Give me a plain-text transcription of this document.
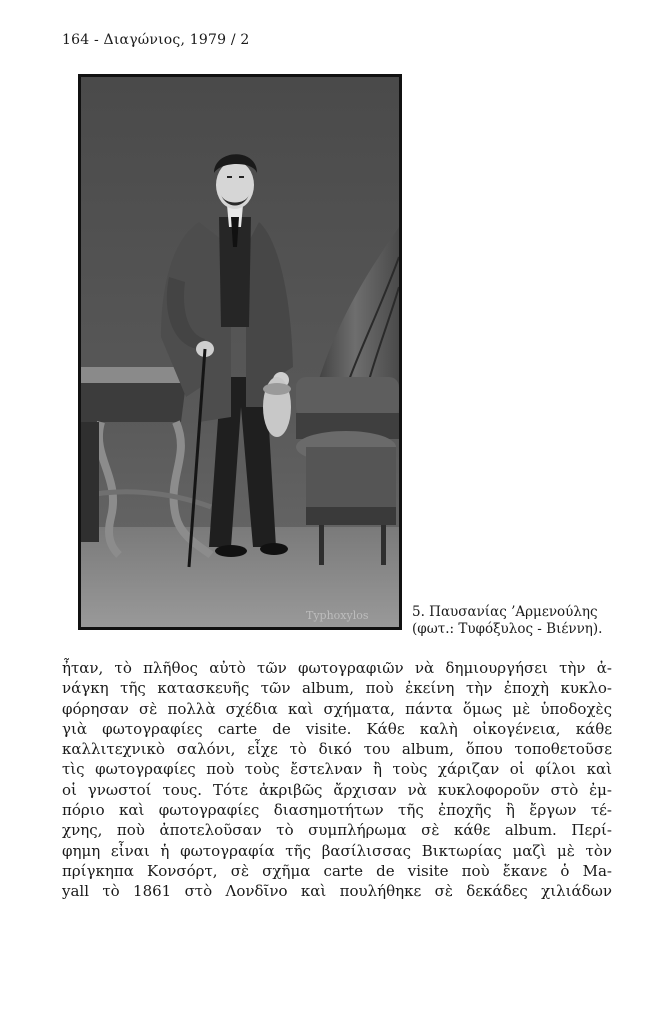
164 - Διαγώνιος, 1979 / 2
Typhoxylos	5. Παυσανίας ’Αρμενούλης
(φωτ.: Τυφόξυλος - Βιέννη).
ἦταν, τὸ πλῆθος αὐτὸ τῶν φωτογραφιῶν νὰ δημιουργήσει τὴν ἀ-
νάγκη τῆς κατασκευῆς τῶν album, ποὺ ἐκείνη τὴν ἐποχὴ κυκλο-
φόρησαν σὲ πολλὰ σχέδια καὶ σχήματα, πάντα ὅμως μὲ ὑποδοχὲς
γιὰ φωτογραφίες carte de visite. Κάθε καλὴ οἰκογένεια, κάθε
καλλιτεχνικὸ σαλόνι, εἶχε τὸ δικό του album, ὅπου τοποθετοῦσε
τὶς φωτογραφίες ποὺ τοὺς ἔστελναν ἢ τοὺς χάριζαν οἱ φίλοι καὶ
οἱ γνωστοί τους. Τότε ἀκριβῶς ἄρχισαν νὰ κυκλοφοροῦν στὸ ἐμ-
πόριο καὶ φωτογραφίες διασημοτήτων τῆς ἐποχῆς ἢ ἔργων τέ-
χνης, ποὺ ἀποτελοῦσαν τὸ συμπλήρωμα σὲ κάθε album. Περί-
φημη εἶναι ἡ φωτογραφία τῆς βασίλισσας Βικτωρίας μαζὶ μὲ τὸν
πρίγκηπα Κονσόρτ, σὲ σχῆμα carte de visite ποὺ ἔκανε ὁ Ma-
yall τὸ 1861 στὸ Λονδῖνο καὶ πουλήθηκε σὲ δεκάδες χιλιάδων
